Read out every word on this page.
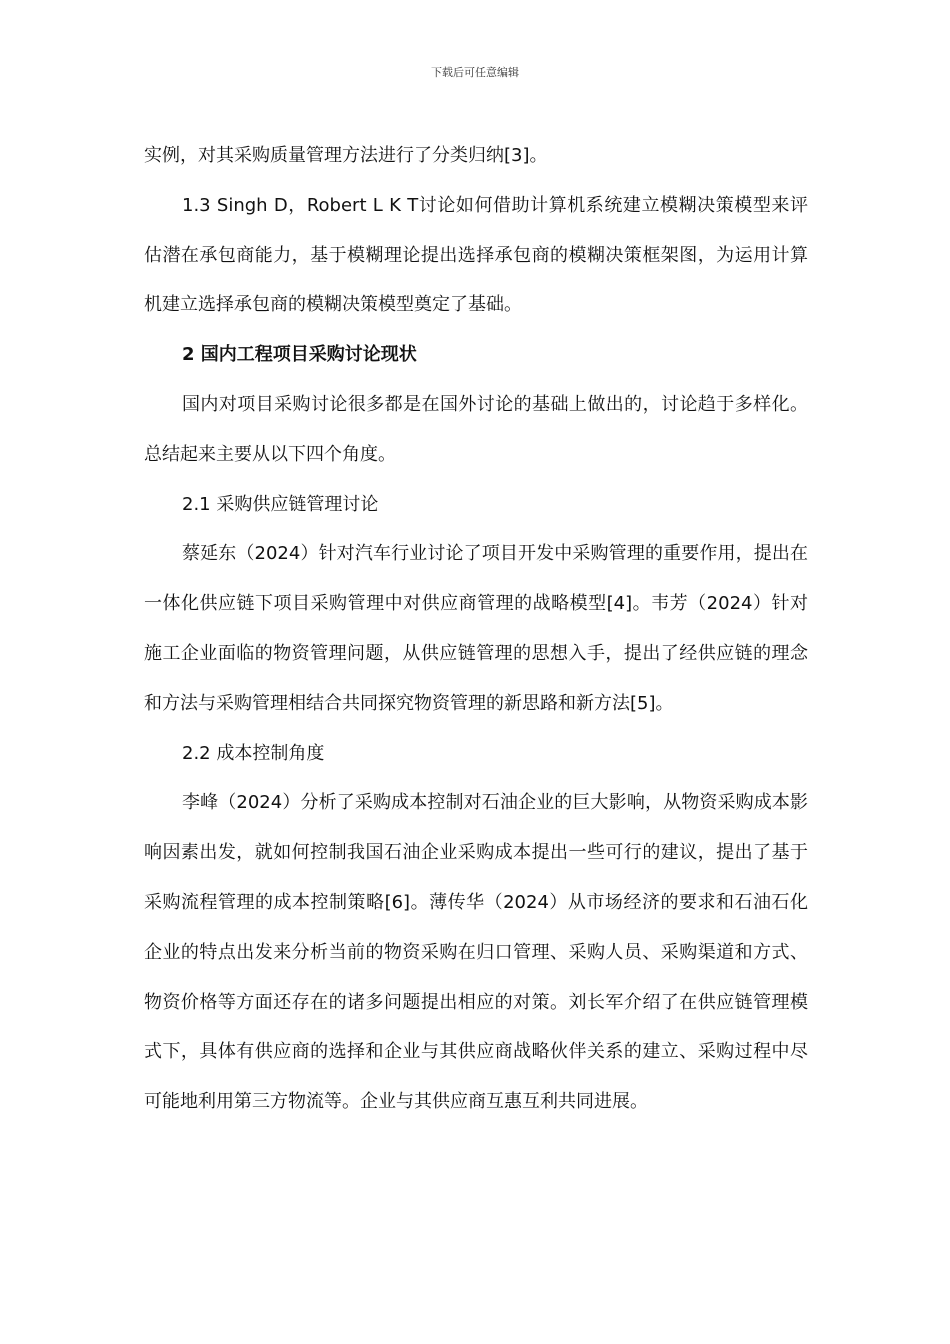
下载后可任意编辑

实例，对其采购质量管理方法进行了分类归纳[3]。

1.3 Singh D，Robert L K T讨论如何借助计算机系统建立模糊决策模型来评估潜在承包商能力，基于模糊理论提出选择承包商的模糊决策框架图，为运用计算机建立选择承包商的模糊决策模型奠定了基础。

2 国内工程项目采购讨论现状

国内对项目采购讨论很多都是在国外讨论的基础上做出的，讨论趋于多样化。总结起来主要从以下四个角度。

2.1 采购供应链管理讨论

蔡延东（2024）针对汽车行业讨论了项目开发中采购管理的重要作用，提出在一体化供应链下项目采购管理中对供应商管理的战略模型[4]。韦芳（2024）针对施工企业面临的物资管理问题，从供应链管理的思想入手，提出了经供应链的理念和方法与采购管理相结合共同探究物资管理的新思路和新方法[5]。

2.2 成本控制角度

李峰（2024）分析了采购成本控制对石油企业的巨大影响，从物资采购成本影响因素出发，就如何控制我国石油企业采购成本提出一些可行的建议，提出了基于采购流程管理的成本控制策略[6]。薄传华（2024）从市场经济的要求和石油石化企业的特点出发来分析当前的物资采购在归口管理、采购人员、采购渠道和方式、物资价格等方面还存在的诸多问题提出相应的对策。刘长军介绍了在供应链管理模式下，具体有供应商的选择和企业与其供应商战略伙伴关系的建立、采购过程中尽可能地利用第三方物流等。企业与其供应商互惠互利共同进展。
